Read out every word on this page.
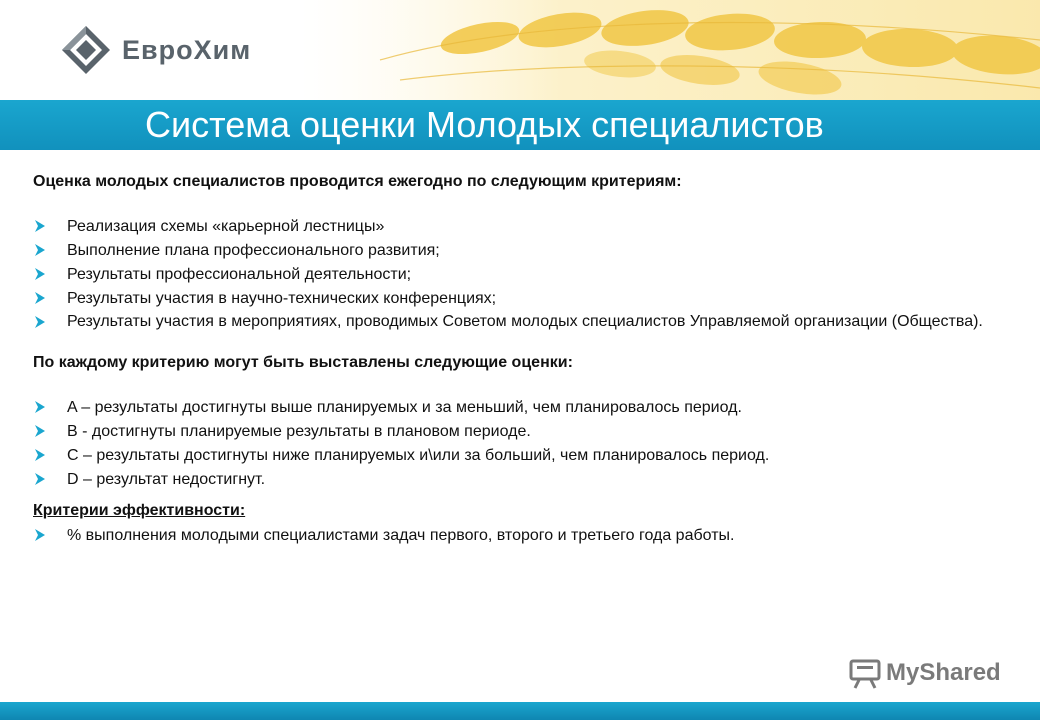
ЕвроХим
Система оценки Молодых специалистов

Оценка молодых специалистов проводится ежегодно по следующим критериям:

Реализация схемы «карьерной лестницы»
Выполнение плана профессионального развития;
Результаты профессиональной деятельности;
Результаты участия в научно-технических конференциях;
Результаты участия в мероприятиях, проводимых Советом молодых специалистов Управляемой организации (Общества).

По каждому критерию могут быть выставлены следующие оценки:

A – результаты достигнуты выше планируемых и за меньший, чем планировалось период.
B - достигнуты планируемые результаты в плановом периоде.
C – результаты достигнуты ниже планируемых и\или за больший, чем планировалось период.
D – результат недостигнут.

Критерии эффективности:

% выполнения молодыми специалистами задач первого, второго и третьего года работы.
MyShared
